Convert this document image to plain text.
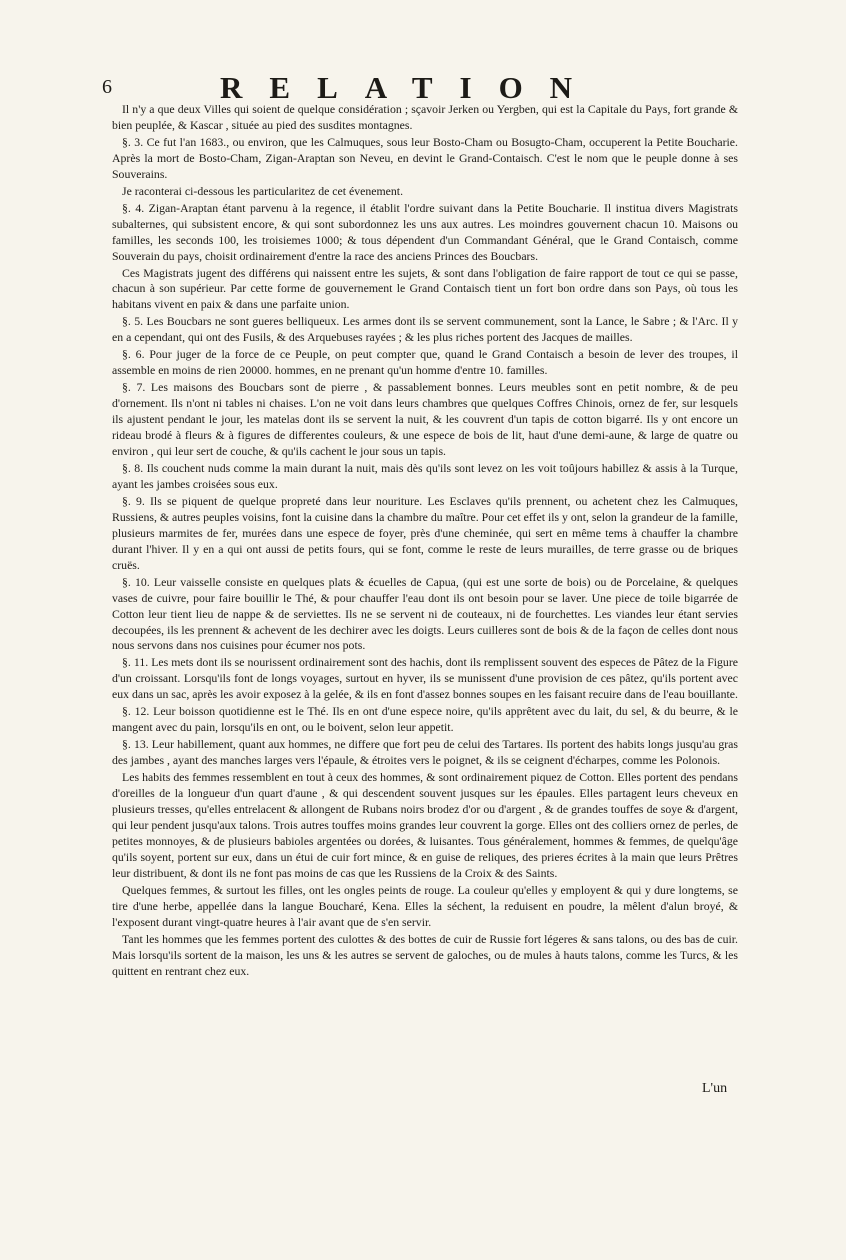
6	RELATION

Il n'y a que deux Villes qui soient de quelque considération ; sçavoir Jerken ou Yergben, qui est la Capitale du Pays, fort grande & bien peuplée, & Kascar , située au pied des susdites montagnes.

§. 3. Ce fut l'an 1683., ou environ, que les Calmuques, sous leur Bosto-Cham ou Bosugto-Cham, occuperent la Petite Boucharie. Après la mort de Bosto-Cham, Zigan-Araptan son Neveu, en devint le Grand-Contaisch. C'est le nom que le peuple donne à ses Souverains.

Je raconterai ci-dessous les particularitez de cet évenement.

§. 4. Zigan-Araptan étant parvenu à la regence, il établit l'ordre suivant dans la Petite Boucharie. Il institua divers Magistrats subalternes, qui subsistent encore, & qui sont subordonnez les uns aux autres. Les moindres gouvernent chacun 10. Maisons ou familles, les seconds 100, les troisiemes 1000; & tous dépendent d'un Commandant Général, que le Grand Contaisch, comme Souverain du pays, choisit ordinairement d'entre la race des anciens Princes des Boucbars.

Ces Magistrats jugent des différens qui naissent entre les sujets, & sont dans l'obligation de faire rapport de tout ce qui se passe, chacun à son supérieur. Par cette forme de gouvernement le Grand Contaisch tient un fort bon ordre dans son Pays, où tous les habitans vivent en paix & dans une parfaite union.

§. 5. Les Boucbars ne sont gueres belliqueux. Les armes dont ils se servent communement, sont la Lance, le Sabre ; & l'Arc. Il y en a cependant, qui ont des Fusils, & des Arquebuses rayées ; & les plus riches portent des Jacques de mailles.

§. 6. Pour juger de la force de ce Peuple, on peut compter que, quand le Grand Contaisch a besoin de lever des troupes, il assemble en moins de rien 20000. hommes, en ne prenant qu'un homme d'entre 10. familles.

§. 7. Les maisons des Boucbars sont de pierre , & passablement bonnes. Leurs meubles sont en petit nombre, & de peu d'ornement. Ils n'ont ni tables ni chaises. L'on ne voit dans leurs chambres que quelques Coffres Chinois, ornez de fer, sur lesquels ils ajustent pendant le jour, les matelas dont ils se servent la nuit, & les couvrent d'un tapis de cotton bigarré. Ils y ont encore un rideau brodé à fleurs & à figures de differentes couleurs, & une espece de bois de lit, haut d'une demi-aune, & large de quatre ou environ , qui leur sert de couche, & qu'ils cachent le jour sous un tapis.

§. 8. Ils couchent nuds comme la main durant la nuit, mais dès qu'ils sont levez on les voit toûjours habillez & assis à la Turque, ayant les jambes croisées sous eux.

§. 9. Ils se piquent de quelque propreté dans leur nouriture. Les Esclaves qu'ils prennent, ou achetent chez les Calmuques, Russiens, & autres peuples voisins, font la cuisine dans la chambre du maître. Pour cet effet ils y ont, selon la grandeur de la famille, plusieurs marmites de fer, murées dans une espece de foyer, près d'une cheminée, qui sert en même tems à chauffer la chambre durant l'hiver. Il y en a qui ont aussi de petits fours, qui se font, comme le reste de leurs murailles, de terre grasse ou de briques cruës.

§. 10. Leur vaisselle consiste en quelques plats & écuelles de Capua, (qui est une sorte de bois) ou de Porcelaine, & quelques vases de cuivre, pour faire bouillir le Thé, & pour chauffer l'eau dont ils ont besoin pour se laver. Une piece de toile bigarrée de Cotton leur tient lieu de nappe & de serviettes. Ils ne se servent ni de couteaux, ni de fourchettes. Les viandes leur étant servies decoupées, ils les prennent & achevent de les dechirer avec les doigts. Leurs cuilleres sont de bois & de la façon de celles dont nous nous servons dans nos cuisines pour écumer nos pots.

§. 11. Les mets dont ils se nourissent ordinairement sont des hachis, dont ils remplissent souvent des especes de Pâtez de la Figure d'un croissant. Lorsqu'ils font de longs voyages, surtout en hyver, ils se munissent d'une provision de ces pâtez, qu'ils portent avec eux dans un sac, après les avoir exposez à la gelée, & ils en font d'assez bonnes soupes en les faisant recuire dans de l'eau bouillante.

§. 12. Leur boisson quotidienne est le Thé. Ils en ont d'une espece noire, qu'ils apprêtent avec du lait, du sel, & du beurre, & le mangent avec du pain, lorsqu'ils en ont, ou le boivent, selon leur appetit.

§. 13. Leur habillement, quant aux hommes, ne differe que fort peu de celui des Tartares. Ils portent des habits longs jusqu'au gras des jambes , ayant des manches larges vers l'épaule, & étroites vers le poignet, & ils se ceignent d'écharpes, comme les Polonois.

Les habits des femmes ressemblent en tout à ceux des hommes, & sont ordinairement piquez de Cotton. Elles portent des pendans d'oreilles de la longueur d'un quart d'aune , & qui descendent souvent jusques sur les épaules. Elles partagent leurs cheveux en plusieurs tresses, qu'elles entrelacent & allongent de Rubans noirs brodez d'or ou d'argent , & de grandes touffes de soye & d'argent, qui leur pendent jusqu'aux talons. Trois autres touffes moins grandes leur couvrent la gorge. Elles ont des colliers ornez de perles, de petites monnoyes, & de plusieurs babioles argentées ou dorées, & luisantes. Tous généralement, hommes & femmes, de quelqu'âge qu'ils soyent, portent sur eux, dans un étui de cuir fort mince, & en guise de reliques, des prieres écrites à la main que leurs Prêtres leur distribuent, & dont ils ne font pas moins de cas que les Russiens de la Croix & des Saints.

Quelques femmes, & surtout les filles, ont les ongles peints de rouge. La couleur qu'elles y employent & qui y dure longtems, se tire d'une herbe, appellée dans la langue Boucharé, Kena. Elles la séchent, la reduisent en poudre, la mêlent d'alun broyé, & l'exposent durant vingt-quatre heures à l'air avant que de s'en servir.

Tant les hommes que les femmes portent des culottes & des bottes de cuir de Russie fort légeres & sans talons, ou des bas de cuir. Mais lorsqu'ils sortent de la maison, les uns & les autres se servent de galoches, ou de mules à hauts talons, comme les Turcs, & les quittent en rentrant chez eux.

L'un
